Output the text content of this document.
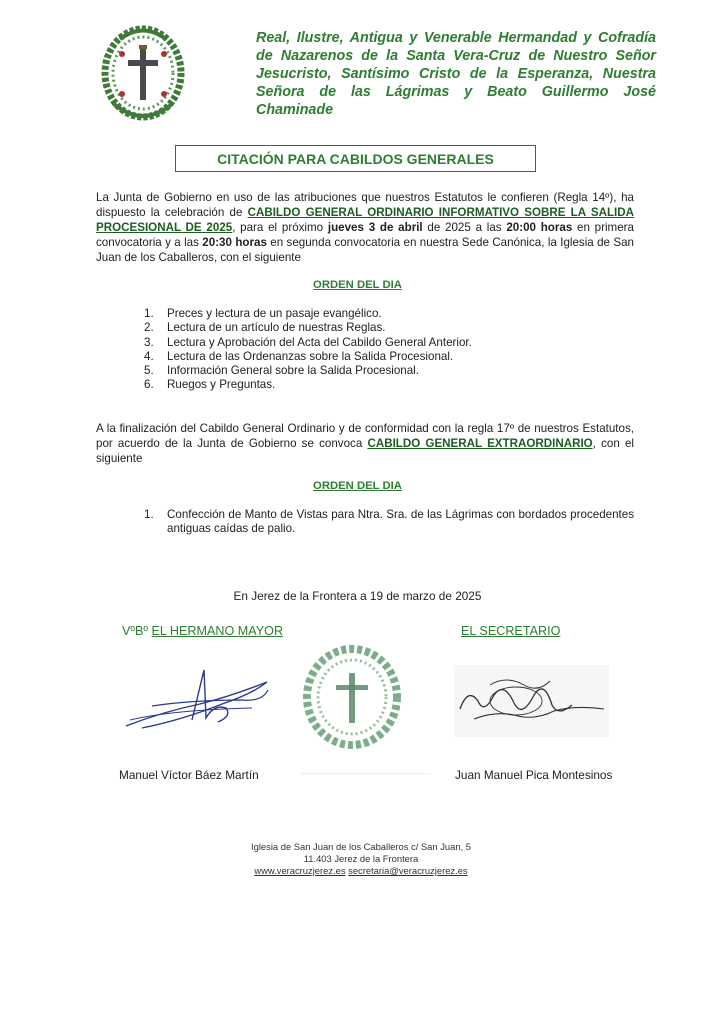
Real, Ilustre, Antigua y Venerable Hermandad y Cofradía de Nazarenos de la Santa Vera-Cruz de Nuestro Señor Jesucristo, Santísimo Cristo de la Esperanza, Nuestra Señora de las Lágrimas y Beato Guillermo José Chaminade
CITACIÓN PARA CABILDOS GENERALES
La Junta de Gobierno en uso de las atribuciones que nuestros Estatutos le confieren (Regla 14º), ha dispuesto la celebración de CABILDO GENERAL ORDINARIO INFORMATIVO SOBRE LA SALIDA PROCESIONAL DE 2025, para el próximo jueves 3 de abril de 2025 a las 20:00 horas en primera convocatoria y a las 20:30 horas en segunda convocatoria en nuestra Sede Canónica, la Iglesia de San Juan de los Caballeros, con el siguiente
ORDEN DEL DIA
1. Preces y lectura de un pasaje evangélico.
2. Lectura de un artículo de nuestras Reglas.
3. Lectura y Aprobación del Acta del Cabildo General Anterior.
4. Lectura de las Ordenanzas sobre la Salida Procesional.
5. Información General sobre la Salida Procesional.
6. Ruegos y Preguntas.
A la finalización del Cabildo General Ordinario y de conformidad con la regla 17º de nuestros Estatutos, por acuerdo de la Junta de Gobierno se convoca CABILDO GENERAL EXTRAORDINARIO, con el siguiente
ORDEN DEL DIA
1. Confección de Manto de Vistas para Ntra. Sra. de las Lágrimas con bordados procedentes antiguas caídas de palio.
En Jerez de la Frontera a 19 de marzo de 2025
VºBº EL HERMANO MAYOR	EL SECRETARIO
Manuel Víctor Báez Martín	Juan Manuel Pica Montesinos
Iglesia de San Juan de los Caballeros c/ San Juan, 5
11.403 Jerez de la Frontera
www.veracruzjerez.es secretaria@veracruzjerez.es
